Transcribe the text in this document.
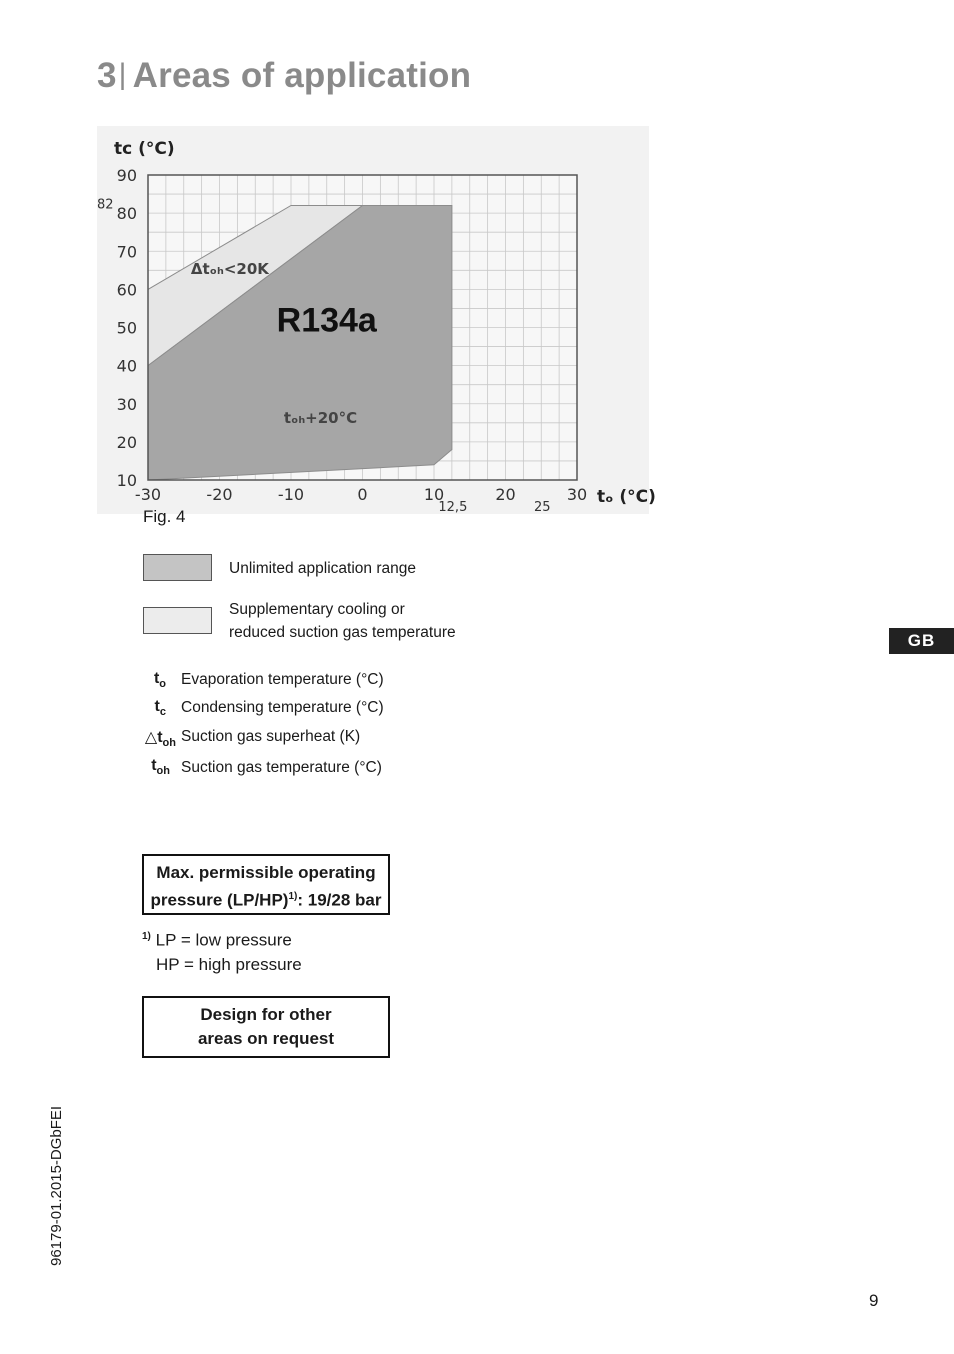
3| Areas of application
10
20
30
40
50
60
70
80
90
-30	-20	-10	0	10	20	30
12,5	25
82
tᴄ (°C)
tₒ (°C)
Δtₒₕ<20K
R134a
tₒₕ+20°C
Fig. 4
Unlimited application range
Supplementary cooling or
reduced suction gas temperature
$t_o$ Evaporation temperature (°C)
$t_c$ Condensing temperature (°C)
$\triangle t_{oh}$ Suction gas superheat (K)
$t_{oh}$ Suction gas temperature (°C)
Max. permissible operating
pressure $(LP/HP)^{1)}$: 19/28 bar
$^{1)}$ LP = low pressure
HP = high pressure
Design for other
areas on request
GB
96179-01.2015-DGbFEI
9
